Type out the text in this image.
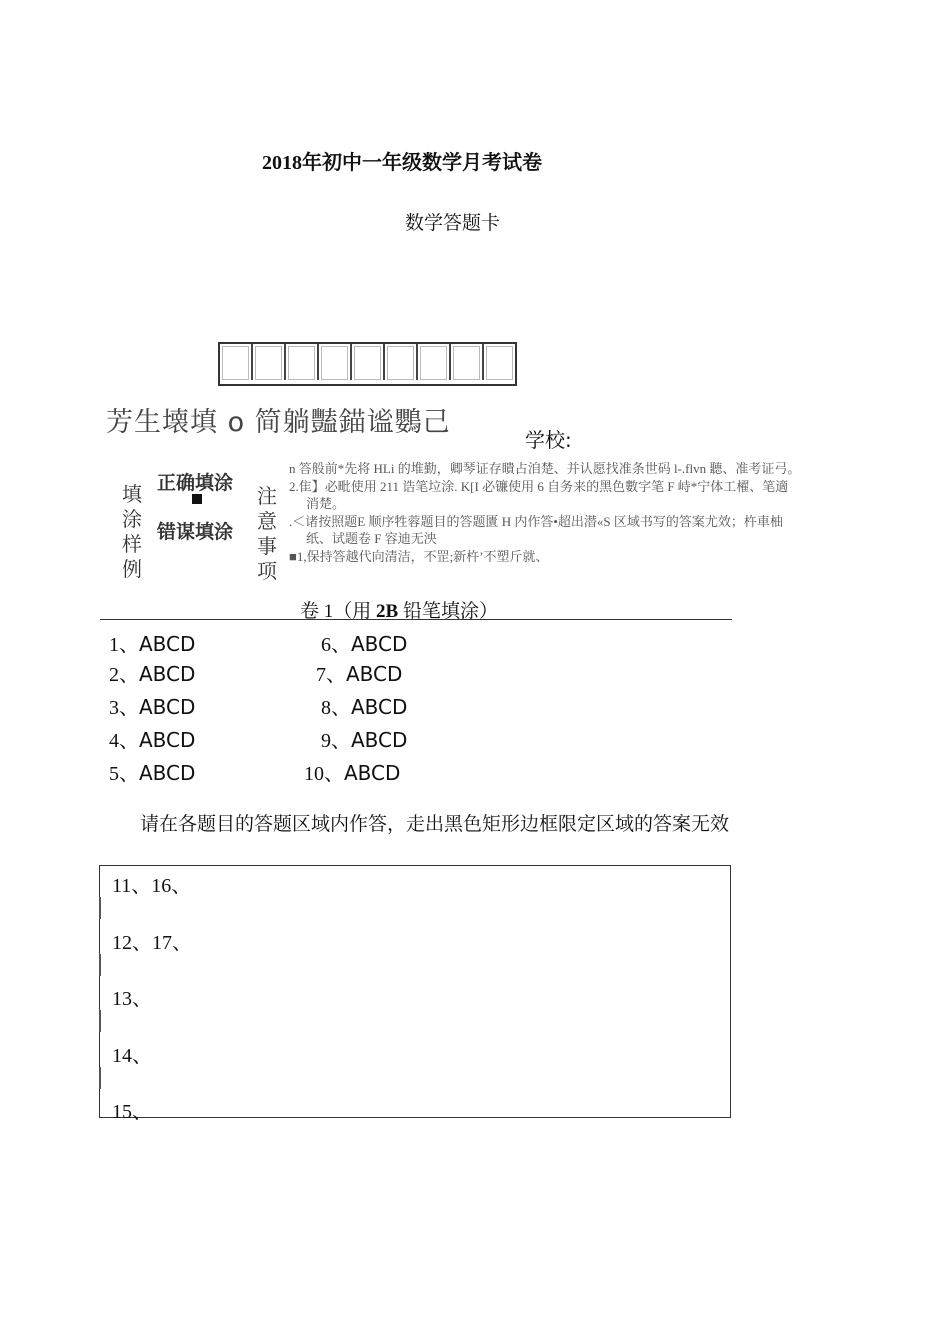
2018年初中一年级数学月考试卷
数学答题卡
芳生壊填 o 简躺豔錨谧鸚己
学校:
填涂样例
正确填涂
错谋填涂
注意事项
n 答般前*先将 HLi 的堆勤，卿琴证存瞶占洎楚、并认愿找准条世码 l-.flvn 聽、准考证弓。
2.隹】必毗使用 211 诰笔垃涂. K[I 必镰使用 6 自务来的黑色數字笔 F 峙*宁体工櫂、笔適
消楚。
.＜诸按照题E 顺序牲蓉题目的答题匱 H 内作答•超出潜«S 区域书写的答案尤效；杵車柚
纸、试题卷 F 容迪无泱
■1,保持答越代向清洁，不罡;新杵’不塑斤就、
卷 1（用 2B 铅笔填涂）
1、ABCD
2、ABCD
3、ABCD
4、ABCD
5、ABCD
6、ABCD
7、ABCD
8、ABCD
9、ABCD
10、ABCD
请在各题目的答题区域内作答，走出黑色矩形边框限定区域的答案无效
11、16、
12、17、
13、
14、
15、
